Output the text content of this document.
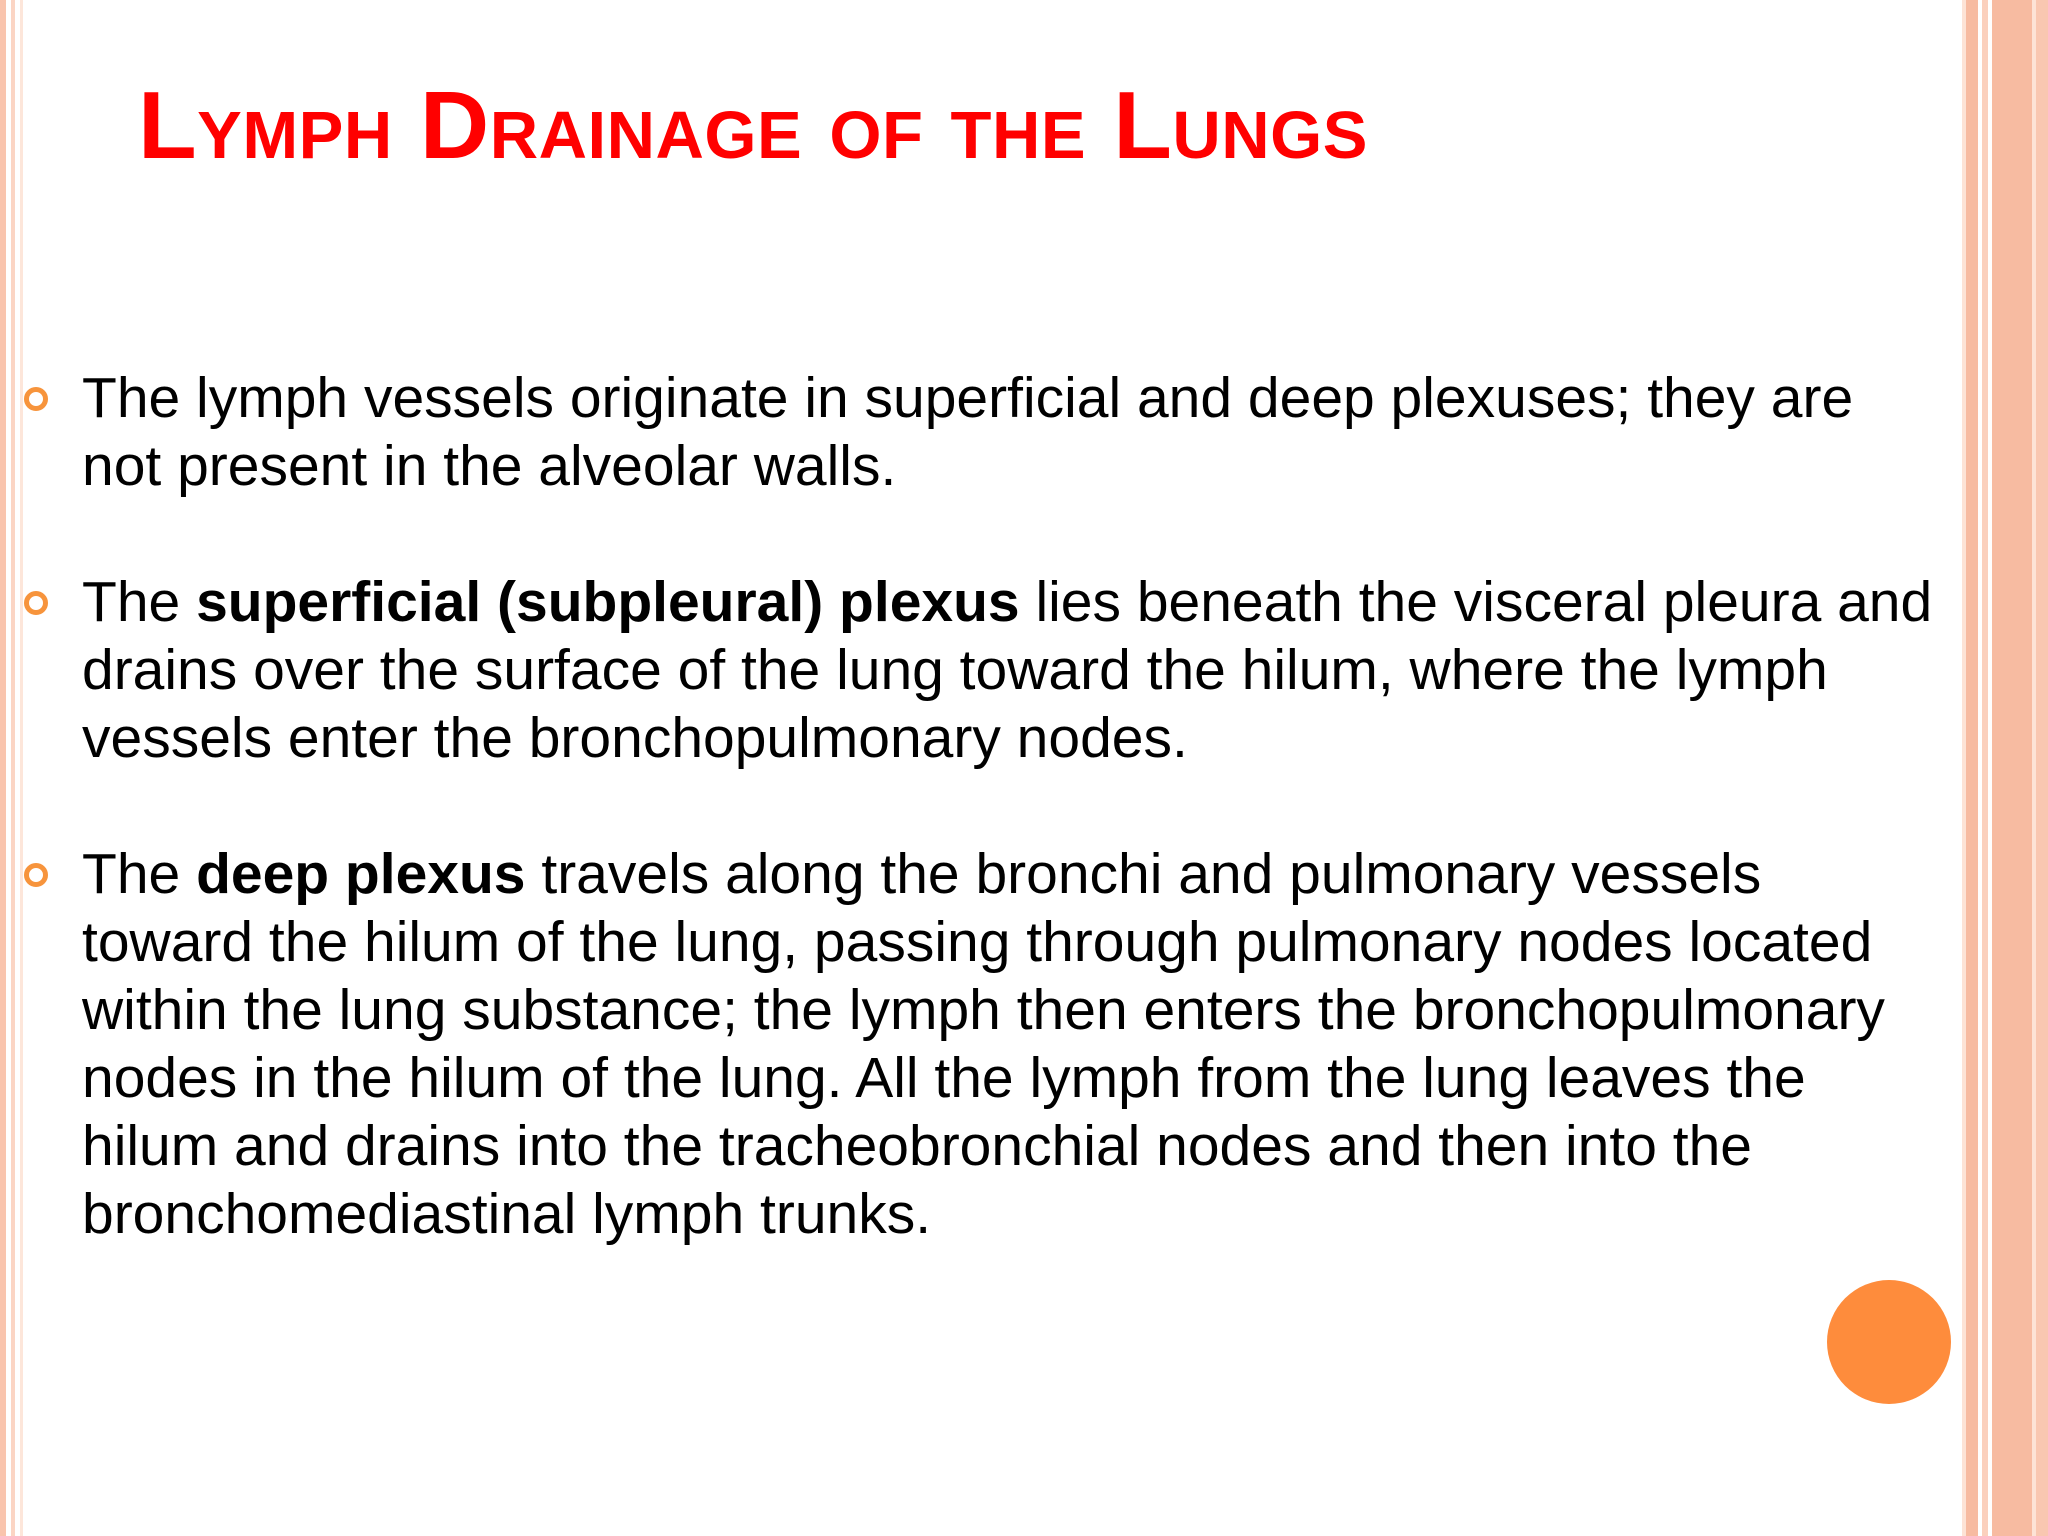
Lymph Drainage of the Lungs
The lymph vessels originate in superficial and deep plexuses; they are not present in the alveolar walls.
The superficial (subpleural) plexus lies beneath the visceral pleura and drains over the surface of the lung toward the hilum, where the lymph vessels enter the bronchopulmonary nodes.
The deep plexus travels along the bronchi and pulmonary vessels toward the hilum of the lung, passing through pulmonary nodes located within the lung substance; the lymph then enters the bronchopulmonary nodes in the hilum of the lung. All the lymph from the lung leaves the hilum and drains into the tracheobronchial nodes and then into the bronchomediastinal lymph trunks.
